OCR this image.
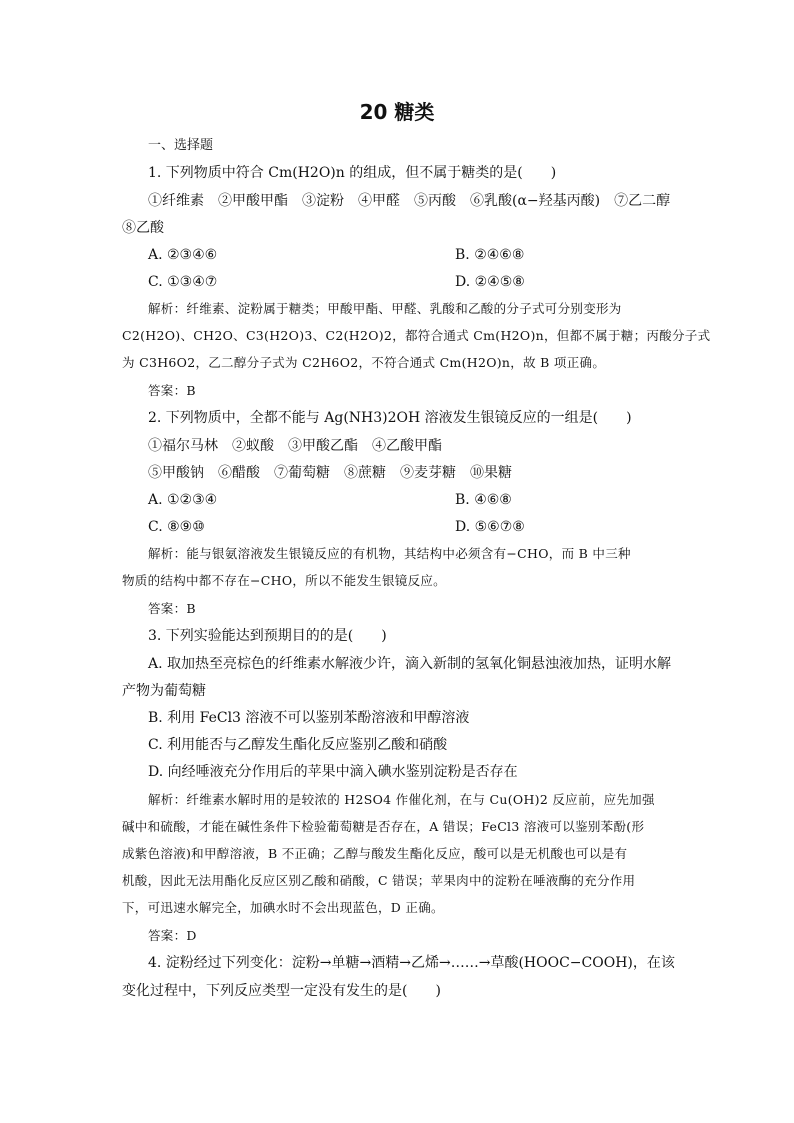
20 糖类
一、选择题
1. 下列物质中符合 Cm(H2O)n 的组成，但不属于糖类的是(　　)
①纤维素　②甲酸甲酯　③淀粉　④甲醛　⑤丙酸　⑥乳酸(α−羟基丙酸)　⑦乙二醇
⑧乙酸
A. ②③④⑥	B. ②④⑥⑧
C. ①③④⑦	D. ②④⑤⑧
解析：纤维素、淀粉属于糖类；甲酸甲酯、甲醛、乳酸和乙酸的分子式可分别变形为
C2(H2O)、CH2O、C3(H2O)3、C2(H2O)2，都符合通式 Cm(H2O)n，但都不属于糖；丙酸分子式
为 C3H6O2，乙二醇分子式为 C2H6O2，不符合通式 Cm(H2O)n，故 B 项正确。
答案：B
2. 下列物质中，全都不能与 Ag(NH3)2OH 溶液发生银镜反应的一组是(　　)
①福尔马林　②蚁酸　③甲酸乙酯　④乙酸甲酯
⑤甲酸钠　⑥醋酸　⑦葡萄糖　⑧蔗糖　⑨麦芽糖　⑩果糖
A. ①②③④	B. ④⑥⑧
C. ⑧⑨⑩	D. ⑤⑥⑦⑧
解析：能与银氨溶液发生银镜反应的有机物，其结构中必须含有−CHO，而 B 中三种
物质的结构中都不存在−CHO，所以不能发生银镜反应。
答案：B
3. 下列实验能达到预期目的的是(　　)
A. 取加热至亮棕色的纤维素水解液少许，滴入新制的氢氧化铜悬浊液加热，证明水解
产物为葡萄糖
B. 利用 FeCl3 溶液不可以鉴别苯酚溶液和甲醇溶液
C. 利用能否与乙醇发生酯化反应鉴别乙酸和硝酸
D. 向经唾液充分作用后的苹果中滴入碘水鉴别淀粉是否存在
解析：纤维素水解时用的是较浓的 H2SO4 作催化剂，在与 Cu(OH)2 反应前，应先加强
碱中和硫酸，才能在碱性条件下检验葡萄糖是否存在，A 错误；FeCl3 溶液可以鉴别苯酚(形
成紫色溶液)和甲醇溶液，B 不正确；乙醇与酸发生酯化反应，酸可以是无机酸也可以是有
机酸，因此无法用酯化反应区别乙酸和硝酸，C 错误；苹果肉中的淀粉在唾液酶的充分作用
下，可迅速水解完全，加碘水时不会出现蓝色，D 正确。
答案：D
4. 淀粉经过下列变化：淀粉→单糖→酒精→乙烯→……→草酸(HOOC−COOH)，在该
变化过程中，下列反应类型一定没有发生的是(　　)
